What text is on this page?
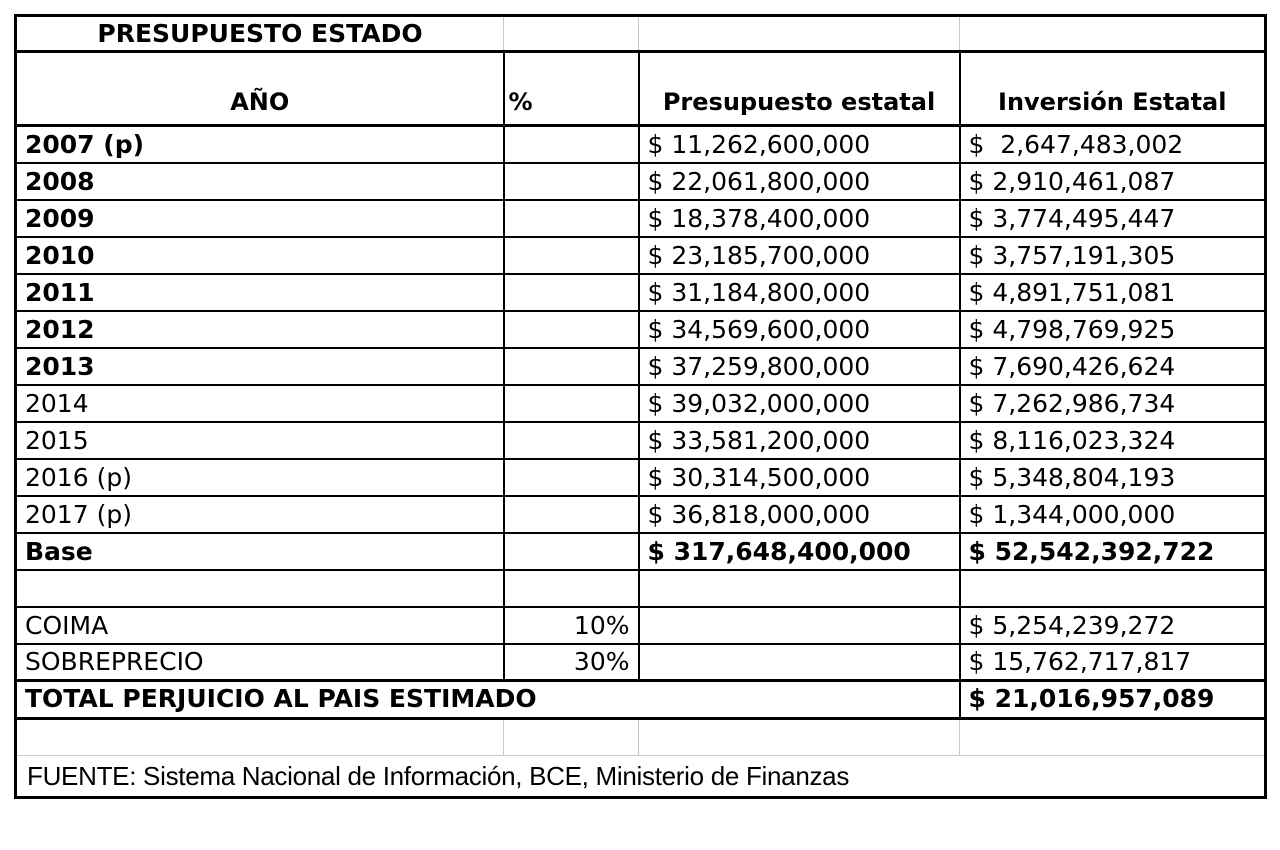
PRESUPUESTO ESTADO			
AÑO	%	Presupuesto estatal	Inversión Estatal
2007 (p)		$ 11,262,600,000	$  2,647,483,002
2008		$ 22,061,800,000	$ 2,910,461,087
2009		$ 18,378,400,000	$ 3,774,495,447
2010		$ 23,185,700,000	$ 3,757,191,305
2011		$ 31,184,800,000	$ 4,891,751,081
2012		$ 34,569,600,000	$ 4,798,769,925
2013		$ 37,259,800,000	$ 7,690,426,624
2014		$ 39,032,000,000	$ 7,262,986,734
2015		$ 33,581,200,000	$ 8,116,023,324
2016 (p)		$ 30,314,500,000	$ 5,348,804,193
2017 (p)		$ 36,818,000,000	$ 1,344,000,000
Base		$ 317,648,400,000	$ 52,542,392,722

COIMA	10%		$ 5,254,239,272
SOBREPRECIO	30%		$ 15,762,717,817
TOTAL PERJUICIO AL PAIS ESTIMADO			$ 21,016,957,089

FUENTE: Sistema Nacional de Información, BCE, Ministerio de Finanzas			
